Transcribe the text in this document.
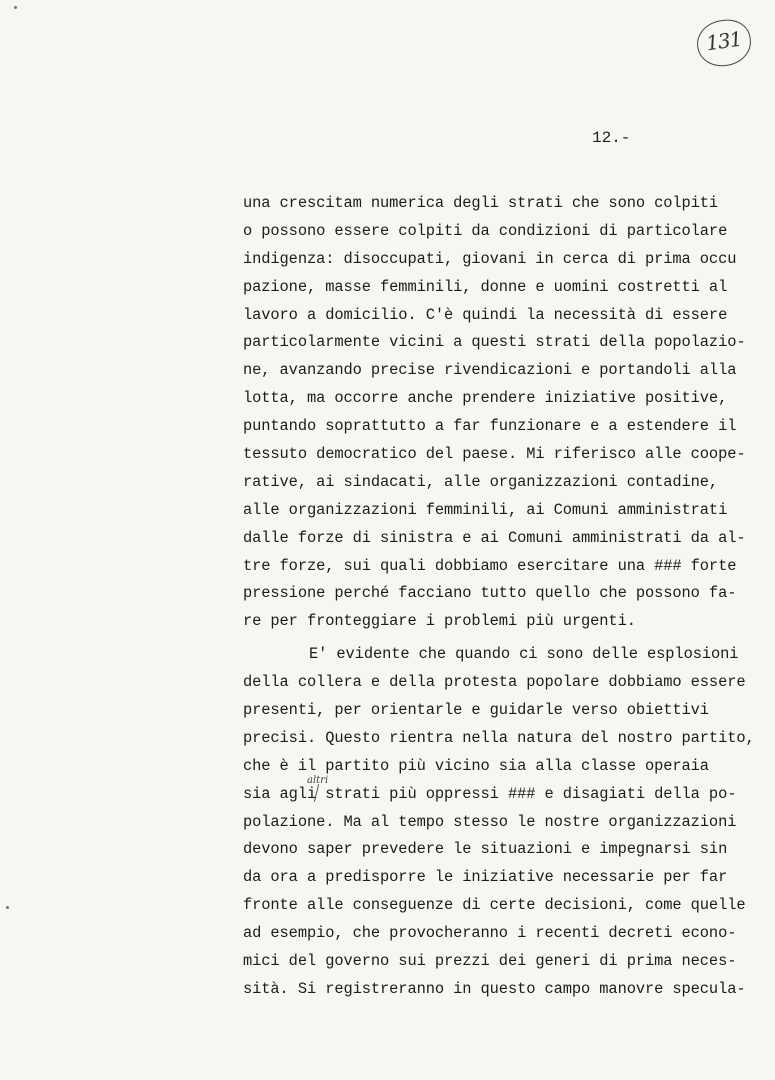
131
12.-
altri
una crescitam numerica degli strati che sono colpiti
o possono essere colpiti da condizioni di particolare
indigenza: disoccupati, giovani in cerca di prima occu
pazione, masse femminili, donne e uomini costretti al
lavoro a domicilio. C'è quindi la necessità di essere
particolarmente vicini a questi strati della popolazio-
ne, avanzando precise rivendicazioni e portandoli alla
lotta, ma occorre anche prendere iniziative positive,
puntando soprattutto a far funzionare e a estendere il
tessuto democratico del paese. Mi riferisco alle coope-
rative, ai sindacati, alle organizzazioni contadine,
alle organizzazioni femminili, ai Comuni amministrati
dalle forze di sinistra e ai Comuni amministrati da al-
tre forze, sui quali dobbiamo esercitare una ### forte
pressione perché facciano tutto quello che possono fa-
re per fronteggiare i problemi più urgenti.
E' evidente che quando ci sono delle esplosioni
della collera e della protesta popolare dobbiamo essere
presenti, per orientarle e guidarle verso obiettivi
precisi. Questo rientra nella natura del nostro partito,
che è il partito più vicino sia alla classe operaia
sia agli strati più oppressi ### e disagiati della po-
polazione. Ma al tempo stesso le nostre organizzazioni
devono saper prevedere le situazioni e impegnarsi sin
da ora a predisporre le iniziative necessarie per far
fronte alle conseguenze di certe decisioni, come quelle
ad esempio, che provocheranno i recenti decreti econo-
mici del governo sui prezzi dei generi di prima neces-
sità. Si registreranno in questo campo manovre specula-
